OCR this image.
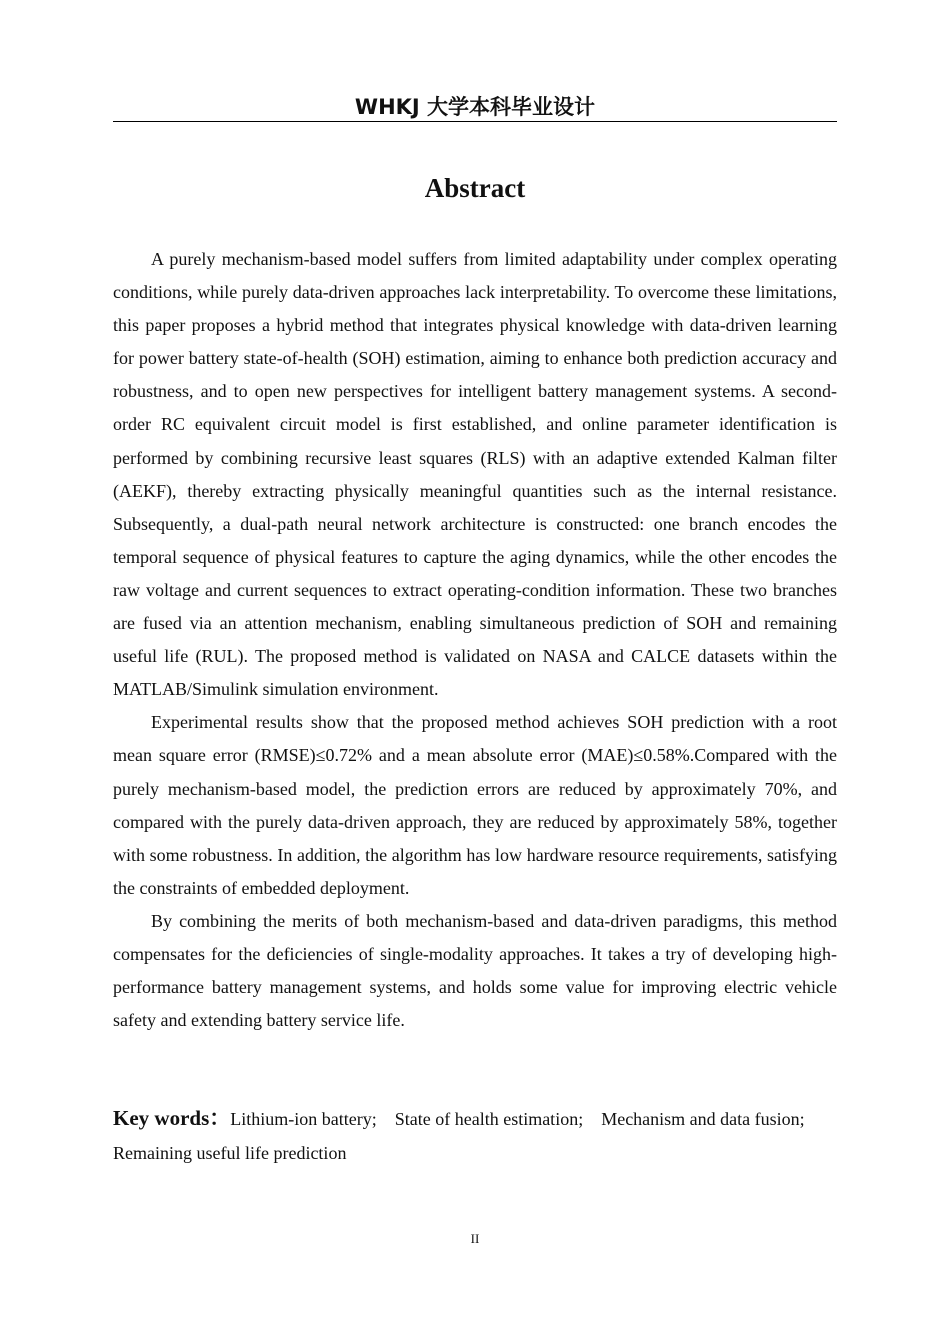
WHKJ 大学本科毕业设计
Abstract

A purely mechanism-based model suffers from limited adaptability under complex operating conditions, while purely data-driven approaches lack interpretability. To overcome these limitations, this paper proposes a hybrid method that integrates physical knowledge with data-driven learning for power battery state-of-health (SOH) estimation, aiming to enhance both prediction accuracy and robustness, and to open new perspectives for intelligent battery management systems. A second-order RC equivalent circuit model is first established, and online parameter identification is performed by combining recursive least squares (RLS) with an adaptive extended Kalman filter (AEKF), thereby extracting physically meaningful quantities such as the internal resistance. Subsequently, a dual-path neural network architecture is constructed: one branch encodes the temporal sequence of physical features to capture the aging dynamics, while the other encodes the raw voltage and current sequences to extract operating-condition information. These two branches are fused via an attention mechanism, enabling simultaneous prediction of SOH and remaining useful life (RUL). The proposed method is validated on NASA and CALCE datasets within the MATLAB/Simulink simulation environment.

Experimental results show that the proposed method achieves SOH prediction with a root mean square error (RMSE)≤0.72% and a mean absolute error (MAE)≤0.58%.Compared with the purely mechanism-based model, the prediction errors are reduced by approximately 70%, and compared with the purely data-driven approach, they are reduced by approximately 58%, together with some robustness. In addition, the algorithm has low hardware resource requirements, satisfying the constraints of embedded deployment.

By combining the merits of both mechanism-based and data-driven paradigms, this method compensates for the deficiencies of single-modality approaches. It takes a try of developing high-performance battery management systems, and holds some value for improving electric vehicle safety and extending battery service life.

Key words：Lithium-ion battery; State of health estimation; Mechanism and data fusion;Remaining useful life prediction
II
